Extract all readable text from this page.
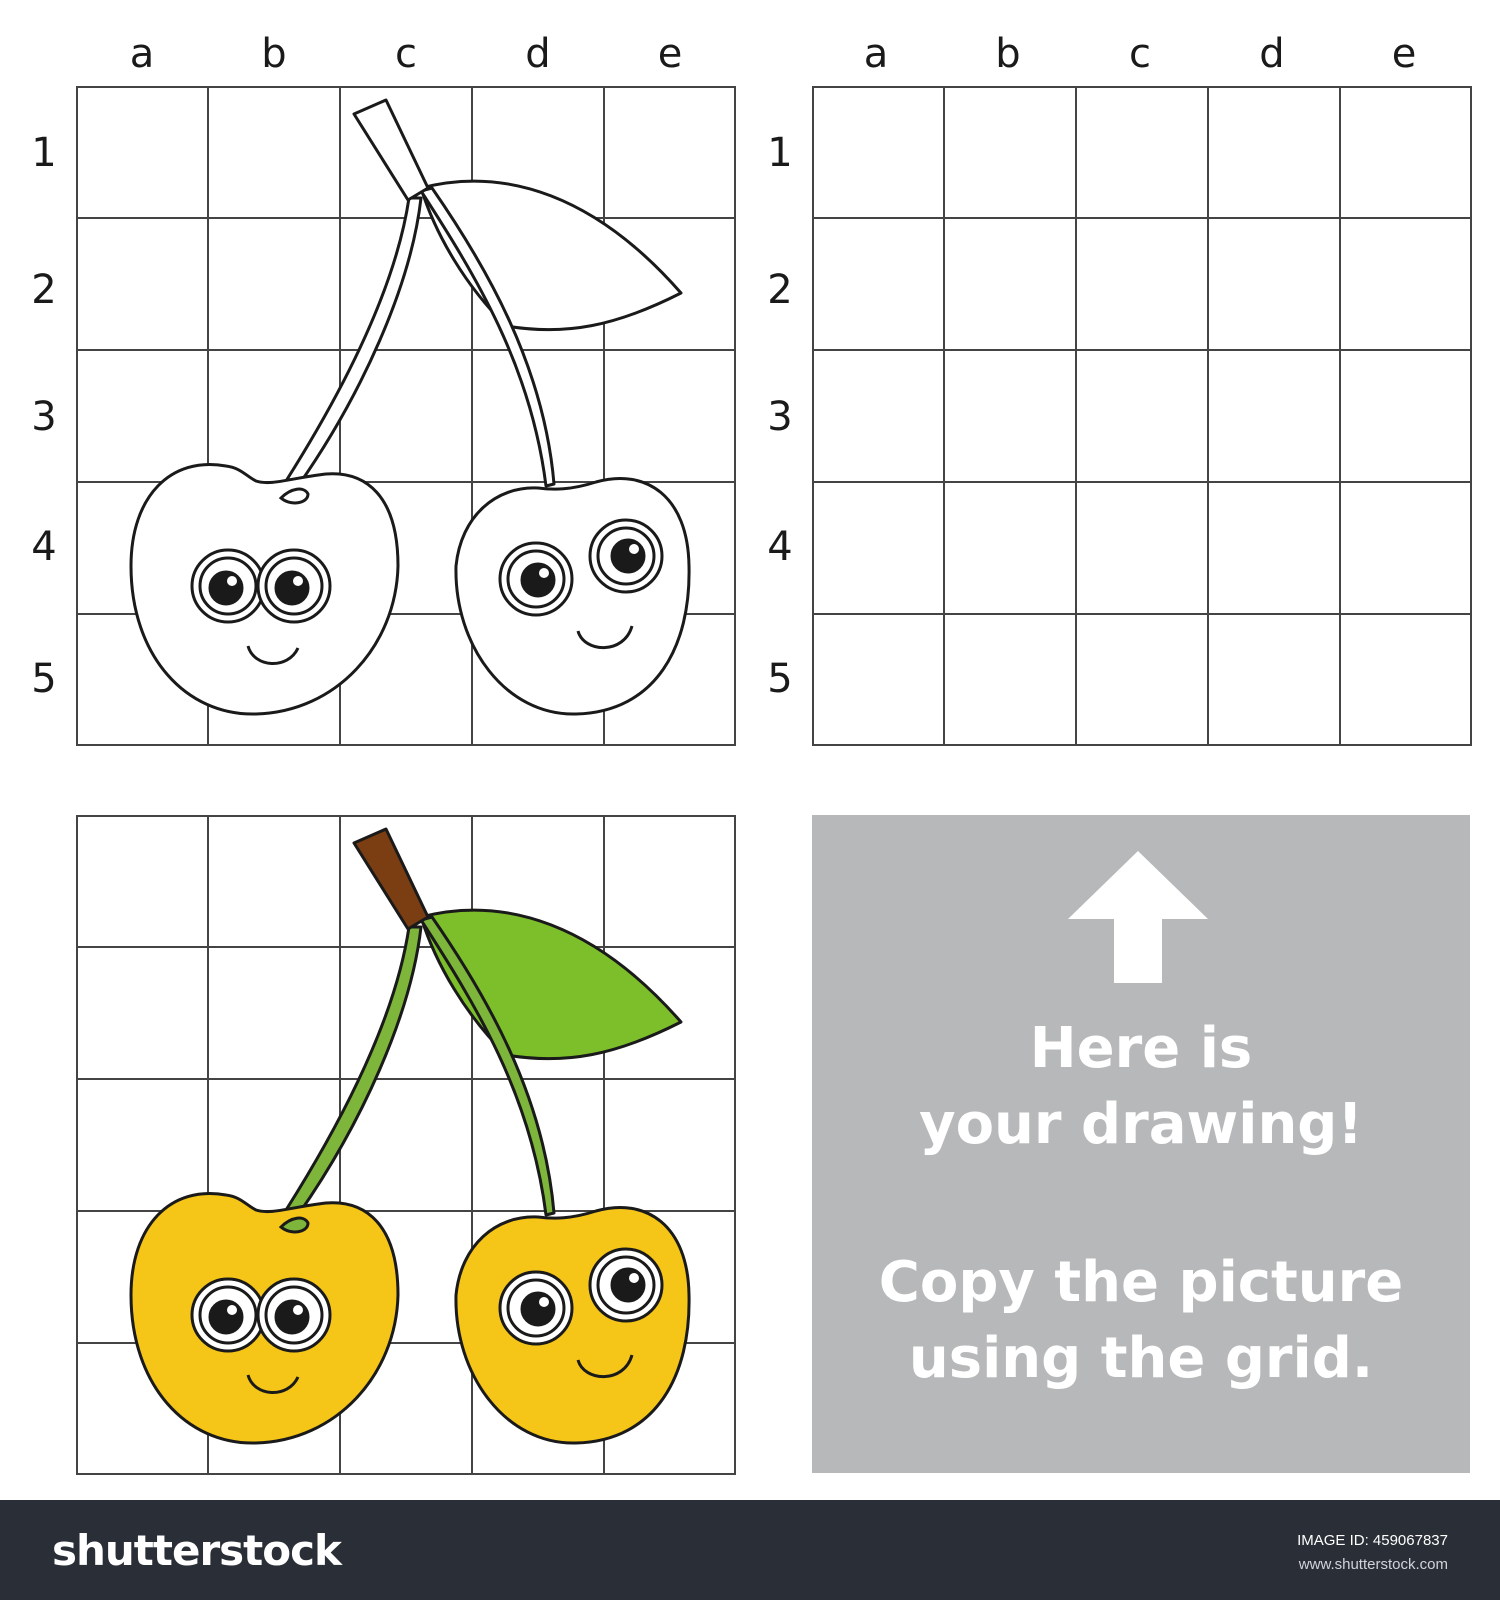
a	b	c	d	e	a	b	c	d	e
1
2
3
4
5
1
2
3
4
5
Here is
your drawing!
Copy the picture
using the grid.
shutterstock	IMAGE ID: 459067837
www.shutterstock.com
